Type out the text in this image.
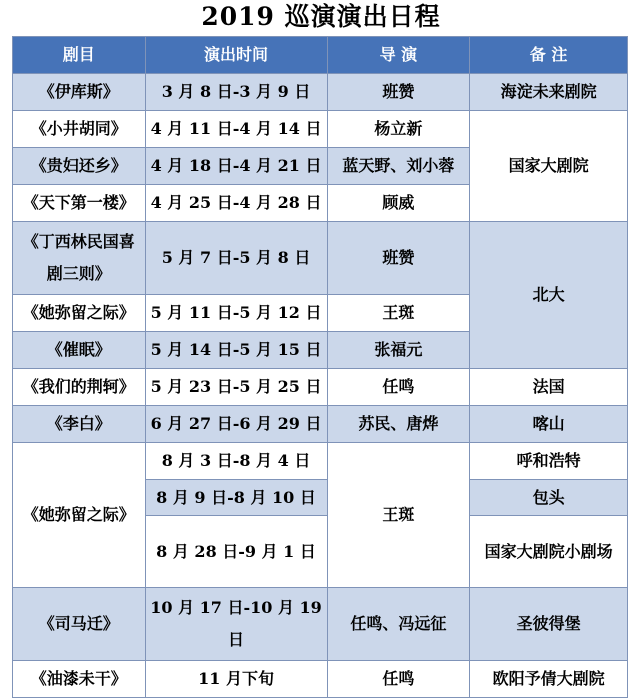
2019 巡演演出日程
剧目	演出时间	导 演	备 注
《伊库斯》	3 月 8 日-3 月 9 日	班赞	海淀未来剧院
《小井胡同》	4 月 11 日-4 月 14 日	杨立新	国家大剧院
《贵妇还乡》	4 月 18 日-4 月 21 日	蓝天野、刘小蓉	
《天下第一楼》	4 月 25 日-4 月 28 日	顾威	
《丁西林民国喜剧三则》	5 月 7 日-5 月 8 日	班赞	北大
《她弥留之际》	5 月 11 日-5 月 12 日	王斑	
《催眠》	5 月 14 日-5 月 15 日	张福元	
《我们的荆轲》	5 月 23 日-5 月 25 日	任鸣	法国
《李白》	6 月 27 日-6 月 29 日	苏民、唐烨	喀山
《她弥留之际》	8 月 3 日-8 月 4 日	王斑	呼和浩特
	8 月 9 日-8 月 10 日		包头
	8 月 28 日-9 月 1 日		国家大剧院小剧场
《司马迁》	10 月 17 日-10 月 19 日	任鸣、冯远征	圣彼得堡
《油漆未干》	11 月下旬	任鸣	欧阳予倩大剧院
